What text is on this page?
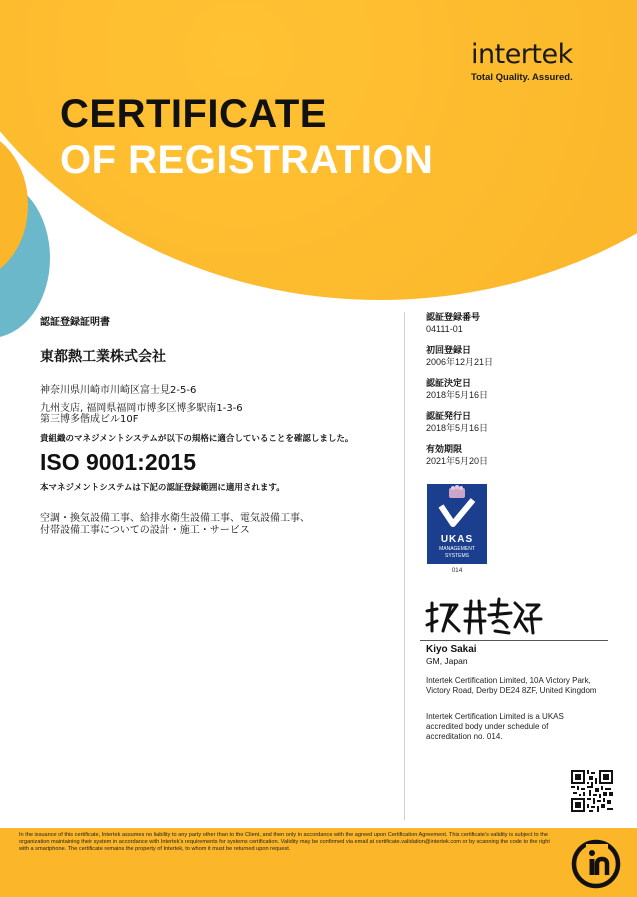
intertek
Total Quality. Assured.
CERTIFICATE
OF REGISTRATION
認証登録証明書
東都熱工業株式会社
神奈川県川崎市川崎区富士見2-5-6
九州支店, 福岡県福岡市博多区博多駅南1-3-6
第三博多偕成ビル10F
貴組織のマネジメントシステムが以下の規格に適合していることを確認しました。
ISO 9001:2015
本マネジメントシステムは下記の認証登録範囲に適用されます。
空調・換気設備工事、給排水衛生設備工事、電気設備工事、
付帯設備工事についての設計・施工・サービス
認証登録番号
04111-01
初回登録日
2006年12月21日
認証決定日
2018年5月16日
認証発行日
2018年5月16日
有効期限
2021年5月20日
UKAS
MANAGEMENT
SYSTEMS
014
Kiyo Sakai
GM, Japan
Intertek Certification Limited, 10A Victory Park, Victory Road, Derby DE24 8ZF, United Kingdom
Intertek Certification Limited is a UKAS accredited body under schedule of accreditation no. 014.
In the issuance of this certificate, Intertek assumes no liability to any party other than to the Client, and then only in accordance with the agreed upon Certification Agreement. This certificate’s validity is subject to the organization maintaining their system in accordance with Intertek’s requirements for systems certification. Validity may be confirmed via email at certificate.validation@intertek.com or by scanning the code to the right with a smartphone. The certificate remains the property of Intertek, to whom it must be returned upon request.
